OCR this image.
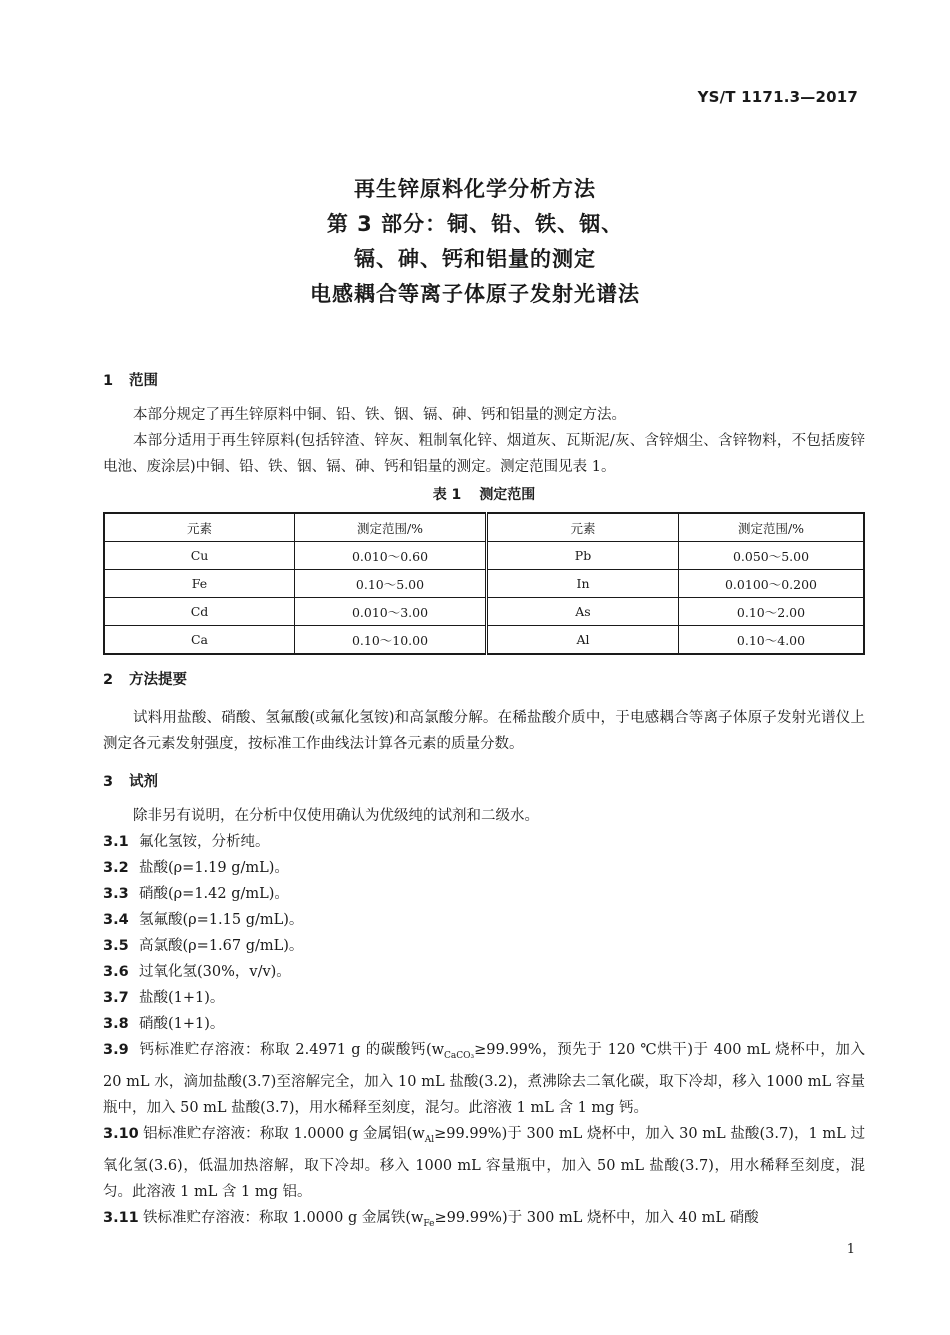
YS/T 1171.3—2017
再生锌原料化学分析方法
第 3 部分：铜、铅、铁、铟、
镉、砷、钙和铝量的测定
电感耦合等离子体原子发射光谱法
1 范围
本部分规定了再生锌原料中铜、铅、铁、铟、镉、砷、钙和铝量的测定方法。
本部分适用于再生锌原料(包括锌渣、锌灰、粗制氧化锌、烟道灰、瓦斯泥/灰、含锌烟尘、含锌物料，不包括废锌电池、废涂层)中铜、铅、铁、铟、镉、砷、钙和铝量的测定。测定范围见表 1。
表 1 测定范围
元素	测定范围/%	元素	测定范围/%
Cu	0.010～0.60	Pb	0.050～5.00
Fe	0.10～5.00	In	0.0100～0.200
Cd	0.010～3.00	As	0.10～2.00
Ca	0.10～10.00	Al	0.10～4.00
2 方法提要
试料用盐酸、硝酸、氢氟酸(或氟化氢铵)和高氯酸分解。在稀盐酸介质中，于电感耦合等离子体原子发射光谱仪上测定各元素发射强度，按标准工作曲线法计算各元素的质量分数。
3 试剂
除非另有说明，在分析中仅使用确认为优级纯的试剂和二级水。
3.1 氟化氢铵，分析纯。
3.2 盐酸(ρ=1.19 g/mL)。
3.3 硝酸(ρ=1.42 g/mL)。
3.4 氢氟酸(ρ=1.15 g/mL)。
3.5 高氯酸(ρ=1.67 g/mL)。
3.6 过氧化氢(30%，v/v)。
3.7 盐酸(1+1)。
3.8 硝酸(1+1)。
3.9 钙标准贮存溶液：称取 2.4971 g 的碳酸钙($w_{CaCO_3}\ge 99.99\%$，预先于 120 ℃烘干)于 400 mL 烧杯中，加入 20 mL 水，滴加盐酸(3.7)至溶解完全，加入 10 mL 盐酸(3.2)，煮沸除去二氧化碳，取下冷却，移入 1000 mL 容量瓶中，加入 50 mL 盐酸(3.7)，用水稀释至刻度，混匀。此溶液 1 mL 含 1 mg 钙。
3.10 铝标准贮存溶液：称取 1.0000 g 金属铝$(w_{Al}\ge 99.99\%)$于 300 mL 烧杯中，加入 30 mL 盐酸(3.7)，1 mL 过氧化氢(3.6)，低温加热溶解，取下冷却。移入 1000 mL 容量瓶中，加入 50 mL 盐酸(3.7)，用水稀释至刻度，混匀。此溶液 1 mL 含 1 mg 铝。
3.11 铁标准贮存溶液：称取 1.0000 g 金属铁$(w_{Fe}\ge 99.99\%)$于 300 mL 烧杯中，加入 40 mL 硝酸
1
